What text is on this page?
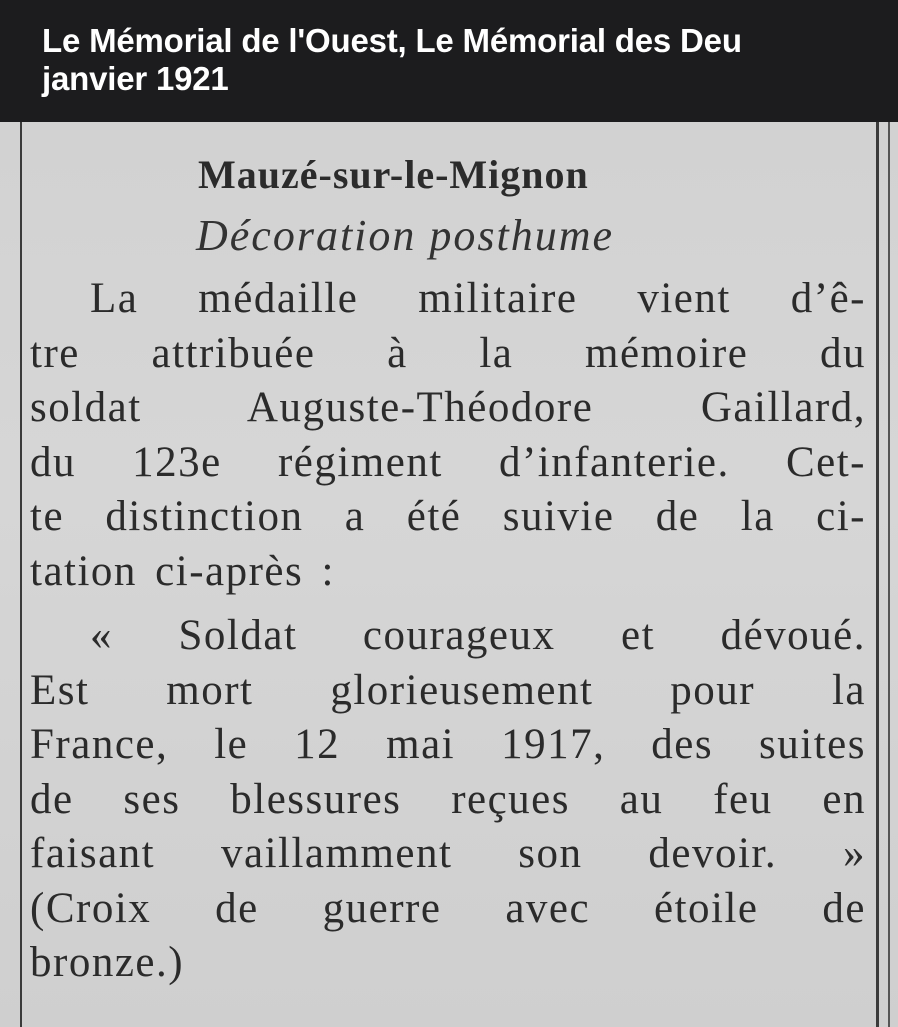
Le Mémorial de l'Ouest, Le Mémorial des Deu
janvier 1921
Mauzé-sur-le-Mignon
Décoration posthume
La médaille militaire vient d’ê-
tre attribuée à la mémoire du
soldat Auguste-Théodore Gaillard,
du 123e régiment d’infanterie. Cet-
te distinction a été suivie de la ci-
tation ci-après :
« Soldat courageux et dévoué.
Est mort glorieusement pour la
France, le 12 mai 1917, des suites
de ses blessures reçues au feu en
faisant vaillamment son devoir. »
(Croix de guerre avec étoile de
bronze.)
